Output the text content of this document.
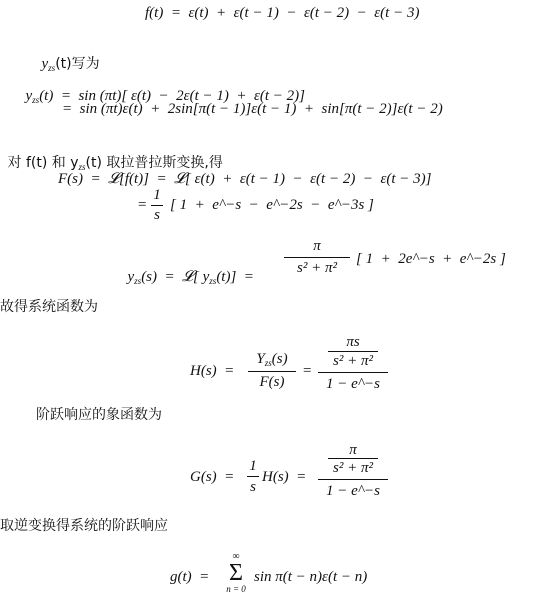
f(t)  =  ε(t)  +  ε(t − 1)  −  ε(t − 2)  −  ε(t − 3)

$y_{zs}(t)$写为

$y_{zs}(t) = \sin (\pi t)$[ ε(t)  −  2ε(t − 1)  +  ε(t − 2)]

=  sin (πt)ε(t)  +  2sin[π(t − 1)]ε(t − 1)  +  sin[π(t − 2)]ε(t − 2)

对 f(t) 和 $y_{zs}(t)$ 取拉普拉斯变换,得

F(s)  =  𝓛[f(t)]  =  𝓛[ ε(t)  +  ε(t − 1)  −  ε(t − 2)  −  ε(t − 3)]
=
1
s
[ 1  +  e^−s  −  e^−2s  −  e^−3s ]

$y_{zs}(s)$  =  𝓛[ $y_{zs}(t)$]  =

π
s² + π²
[ 1  +  2e^−s  +  e^−2s ]
故得系统函数为
H(s)  =
$Y_{zs}(s)$
F(s)
=
πs
s² + π²
1 − e^−s
阶跃响应的象函数为
G(s)  =
1
s
H(s)  =
π
s² + π²
1 − e^−s
取逆变换得系统的阶跃响应
g(t)  =
∞
Σ
n = 0
sin π(t − n)ε(t − n)
